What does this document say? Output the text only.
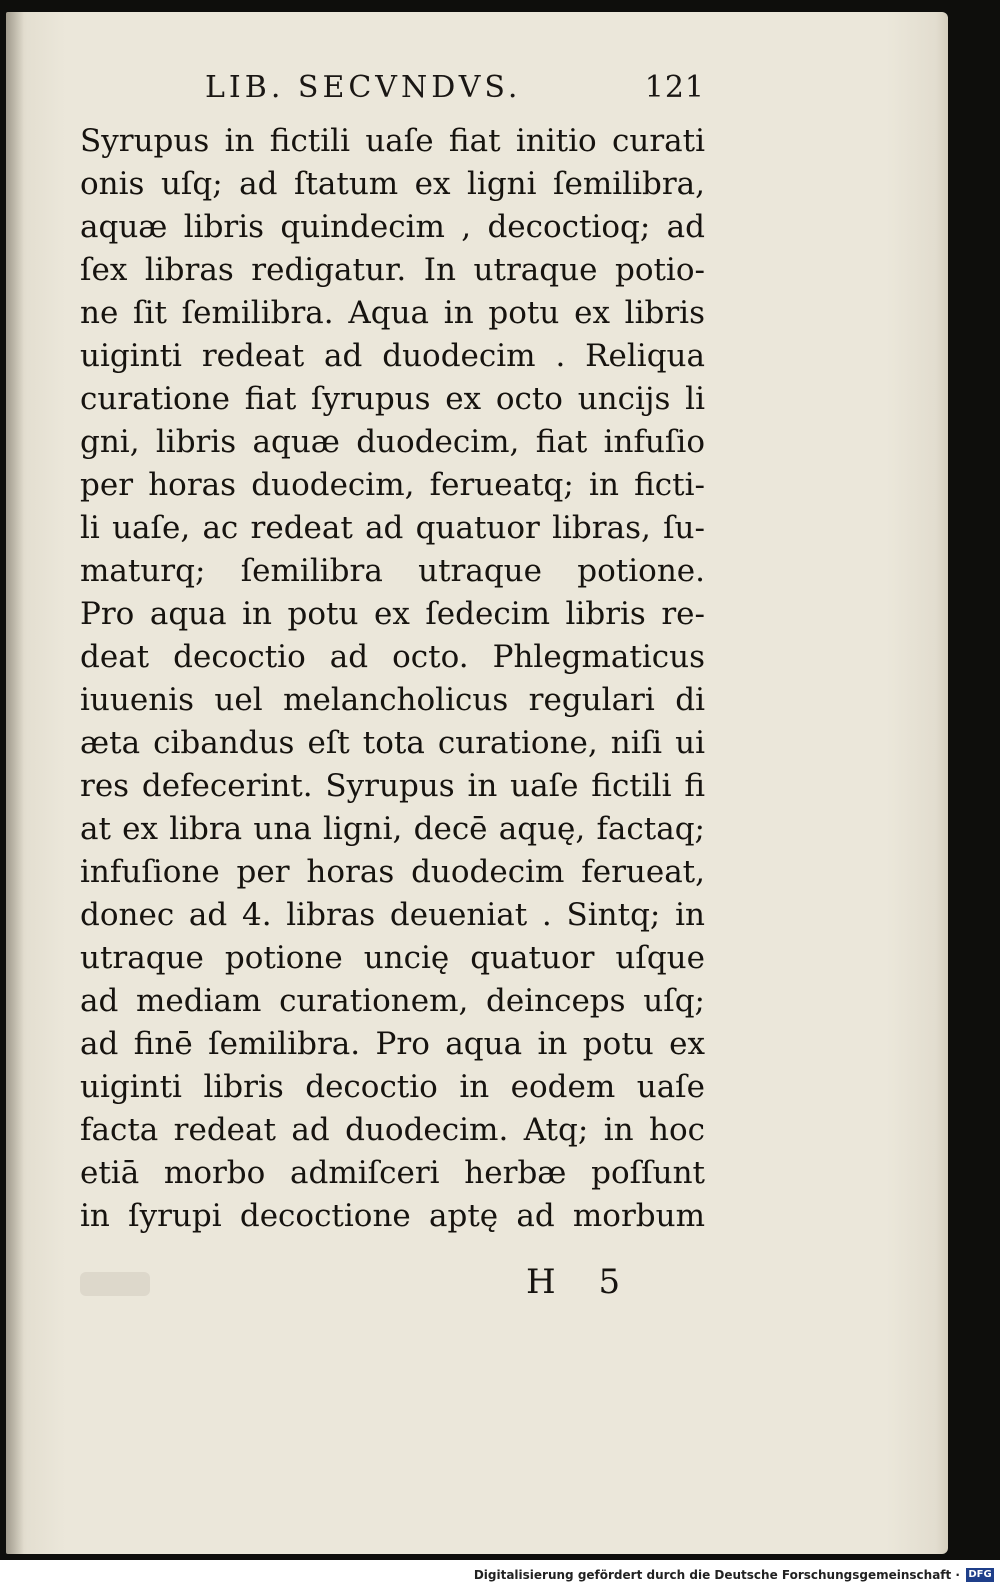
LIB. SECVNDVS.	121
Syrupus in fictili uaſe fiat initio curati
onis uſq; ad ſtatum ex ligni ſemilibra,
aquæ libris quindecim , decoctioq; ad
ſex libras redigatur. In utraque potio‑
ne ſit ſemilibra. Aqua in potu ex libris
uiginti redeat ad duodecim . Reliqua
curatione fiat ſyrupus ex octo uncijs li
gni, libris aquæ duodecim, fiat infuſio
per horas duodecim, ferueatq; in ficti‑
li uaſe, ac redeat ad quatuor libras, ſu‑
maturq; ſemilibra utraque potione.
Pro aqua in potu ex ſedecim libris re‑
deat decoctio ad octo. Phlegmaticus
iuuenis uel melancholicus regulari di
æta cibandus eſt tota curatione, niſi ui
res defecerint. Syrupus in uaſe fictili fi
at ex libra una ligni, decē aquę, factaq;
infuſione per horas duodecim ferueat,
donec ad 4. libras deueniat . Sintq; in
utraque potione uncię quatuor uſque
ad mediam curationem, deinceps uſq;
ad finē ſemilibra. Pro aqua in potu ex
uiginti libris decoctio in eodem uaſe
facta redeat ad duodecim. Atq; in hoc
etiā morbo admiſceri herbæ poſſunt
in ſyrupi decoctione aptę ad morbum
H 5
Digitalisierung gefördert durch die Deutsche Forschungsgemeinschaft · DFG
